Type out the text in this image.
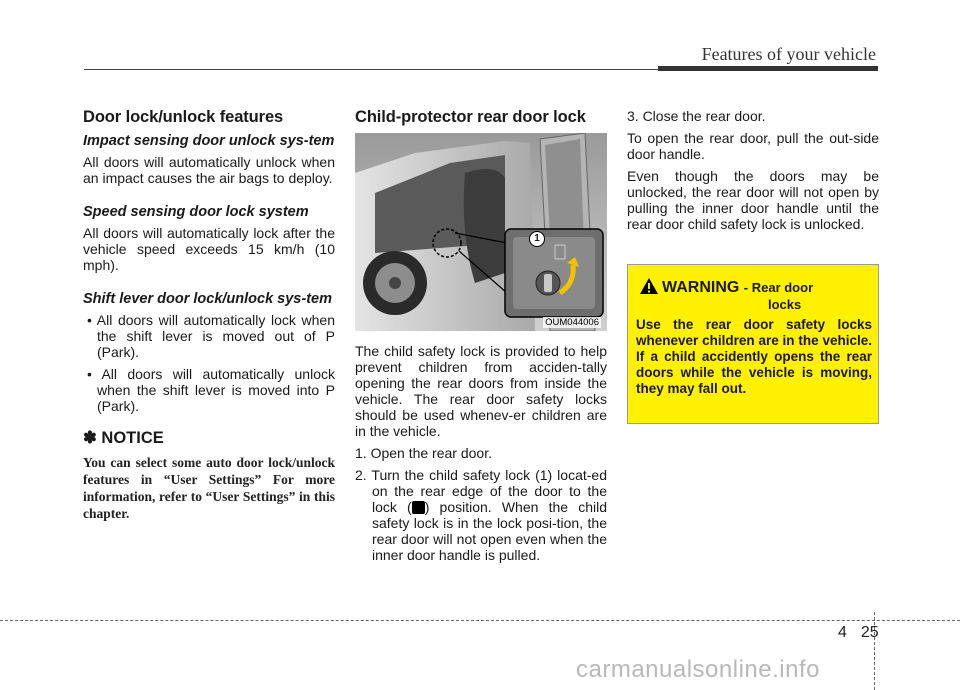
Features of your vehicle
Door lock/unlock features
Impact sensing door unlock sys-tem

All doors will automatically unlock when an impact causes the air bags to deploy.

Speed sensing door lock system

All doors will automatically lock after the vehicle speed exceeds 15 km/h (10 mph).

Shift lever door lock/unlock sys-tem
• All doors will automatically lock when the shift lever is moved out of P (Park).
• All doors will automatically unlock when the shift lever is moved into P (Park).
✽ NOTICE
You can select some auto door lock/unlock features in “User Settings” For more information, refer to “User Settings” in this chapter.
Child-protector rear door lock
1
OUM044006

The child safety lock is provided to help prevent children from acciden-tally opening the rear doors from inside the vehicle. The rear door safety locks should be used whenev-er children are in the vehicle.

1. Open the rear door.
2. Turn the child safety lock (1) locat-ed on the rear edge of the door to the lock ( ) position. When the child safety lock is in the lock posi-tion, the rear door will not open even when the inner door handle is pulled.

3. Close the rear door.

To open the rear door, pull the out-side door handle.

Even though the doors may be unlocked, the rear door will not open by pulling the inner door handle until the rear door child safety lock is unlocked.

WARNING - Rear door
locks
Use the rear door safety locks whenever children are in the vehicle. If a child accidently opens the rear doors while the vehicle is moving, they may fall out.
4 25
carmanualsonline.info
